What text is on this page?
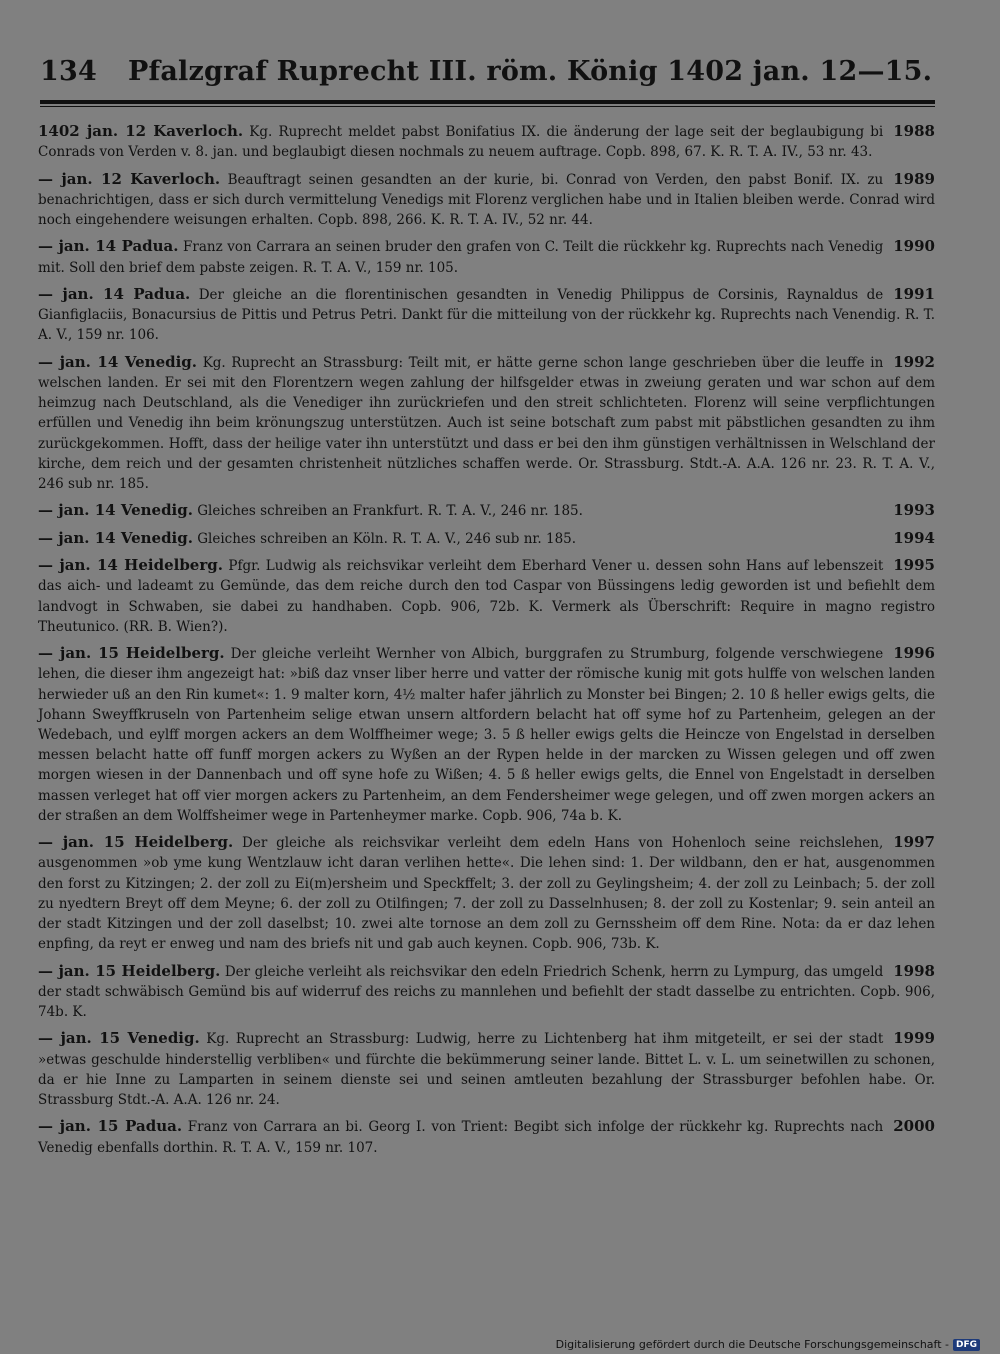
134 Pfalzgraf Ruprecht III. röm. König 1402 jan. 12—15.
1988
1402 jan. 12 Kaverloch. Kg. Ruprecht meldet pabst Bonifatius IX. die änderung der lage seit der beglaubigung bi Conrads von Verden v. 8. jan. und beglaubigt diesen nochmals zu neuem auftrage. Copb. 898, 67. K. R. T. A. IV., 53 nr. 43.
1989
— jan. 12 Kaverloch. Beauftragt seinen gesandten an der kurie, bi. Conrad von Verden, den pabst Bonif. IX. zu benachrichtigen, dass er sich durch vermittelung Venedigs mit Florenz verglichen habe und in Italien bleiben werde. Conrad wird noch eingehendere weisungen erhalten. Copb. 898, 266. K. R. T. A. IV., 52 nr. 44.
1990
— jan. 14 Padua. Franz von Carrara an seinen bruder den grafen von C. Teilt die rückkehr kg. Ruprechts nach Venedig mit. Soll den brief dem pabste zeigen. R. T. A. V., 159 nr. 105.
1991
— jan. 14 Padua. Der gleiche an die florentinischen gesandten in Venedig Philippus de Corsinis, Raynaldus de Gianfiglaciis, Bonacursius de Pittis und Petrus Petri. Dankt für die mitteilung von der rückkehr kg. Ruprechts nach Venendig. R. T. A. V., 159 nr. 106.
1992
— jan. 14 Venedig. Kg. Ruprecht an Strassburg: Teilt mit, er hätte gerne schon lange geschrieben über die leuffe in welschen landen. Er sei mit den Florentzern wegen zahlung der hilfsgelder etwas in zweiung geraten und war schon auf dem heimzug nach Deutschland, als die Venediger ihn zurückriefen und den streit schlichteten. Florenz will seine verpflichtungen erfüllen und Venedig ihn beim krönungszug unterstützen. Auch ist seine botschaft zum pabst mit päbstlichen gesandten zu ihm zurückgekommen. Hofft, dass der heilige vater ihn unterstützt und dass er bei den ihm günstigen verhältnissen in Welschland der kirche, dem reich und der gesamten christenheit nützliches schaffen werde. Or. Strassburg. Stdt.-A. A.A. 126 nr. 23. R. T. A. V., 246 sub nr. 185.
1993
— jan. 14 Venedig. Gleiches schreiben an Frankfurt. R. T. A. V., 246 nr. 185.
1994
— jan. 14 Venedig. Gleiches schreiben an Köln. R. T. A. V., 246 sub nr. 185.
1995
— jan. 14 Heidelberg. Pfgr. Ludwig als reichsvikar verleiht dem Eberhard Vener u. dessen sohn Hans auf lebenszeit das aich- und ladeamt zu Gemünde, das dem reiche durch den tod Caspar von Büssingens ledig geworden ist und befiehlt dem landvogt in Schwaben, sie dabei zu handhaben. Copb. 906, 72b. K. Vermerk als Überschrift: Require in magno registro Theutunico. (RR. B. Wien?).
1996
— jan. 15 Heidelberg. Der gleiche verleiht Wernher von Albich, burggrafen zu Strumburg, folgende verschwiegene lehen, die dieser ihm angezeigt hat: »biß daz vnser liber herre und vatter der römische kunig mit gots hulffe von welschen landen herwieder uß an den Rin kumet«: 1. 9 malter korn, 4½ malter hafer jährlich zu Monster bei Bingen; 2. 10 ß heller ewigs gelts, die Johann Sweyffkruseln von Partenheim selige etwan unsern altfordern belacht hat off syme hof zu Partenheim, gelegen an der Wedebach, und eylff morgen ackers an dem Wolffheimer wege; 3. 5 ß heller ewigs gelts die Heincze von Engelstad in derselben messen belacht hatte off funff morgen ackers zu Wyßen an der Rypen helde in der marcken zu Wissen gelegen und off zwen morgen wiesen in der Dannenbach und off syne hofe zu Wißen; 4. 5 ß heller ewigs gelts, die Ennel von Engelstadt in derselben massen verleget hat off vier morgen ackers zu Partenheim, an dem Fendersheimer wege gelegen, und off zwen morgen ackers an der straßen an dem Wolffsheimer wege in Partenheymer marke. Copb. 906, 74a b. K.
1997
— jan. 15 Heidelberg. Der gleiche als reichsvikar verleiht dem edeln Hans von Hohenloch seine reichslehen, ausgenommen »ob yme kung Wentzlauw icht daran verlihen hette«. Die lehen sind: 1. Der wildbann, den er hat, ausgenommen den forst zu Kitzingen; 2. der zoll zu Ei(m)ersheim und Speckffelt; 3. der zoll zu Geylingsheim; 4. der zoll zu Leinbach; 5. der zoll zu nyedtern Breyt off dem Meyne; 6. der zoll zu Otilfingen; 7. der zoll zu Dasselnhusen; 8. der zoll zu Kostenlar; 9. sein anteil an der stadt Kitzingen und der zoll daselbst; 10. zwei alte tornose an dem zoll zu Gernssheim off dem Rine. Nota: da er daz lehen enpfing, da reyt er enweg und nam des briefs nit und gab auch keynen. Copb. 906, 73b. K.
1998
— jan. 15 Heidelberg. Der gleiche verleiht als reichsvikar den edeln Friedrich Schenk, herrn zu Lympurg, das umgeld der stadt schwäbisch Gemünd bis auf widerruf des reichs zu mannlehen und befiehlt der stadt dasselbe zu entrichten. Copb. 906, 74b. K.
1999
— jan. 15 Venedig. Kg. Ruprecht an Strassburg: Ludwig, herre zu Lichtenberg hat ihm mitgeteilt, er sei der stadt »etwas geschulde hinderstellig verbliben« und fürchte die bekümmerung seiner lande. Bittet L. v. L. um seinetwillen zu schonen, da er hie Inne zu Lamparten in seinem dienste sei und seinen amtleuten bezahlung der Strassburger befohlen habe. Or. Strassburg Stdt.-A. A.A. 126 nr. 24.
2000
— jan. 15 Padua. Franz von Carrara an bi. Georg I. von Trient: Begibt sich infolge der rückkehr kg. Ruprechts nach Venedig ebenfalls dorthin. R. T. A. V., 159 nr. 107.
Digitalisierung gefördert durch die Deutsche Forschungsgemeinschaft - DFG
